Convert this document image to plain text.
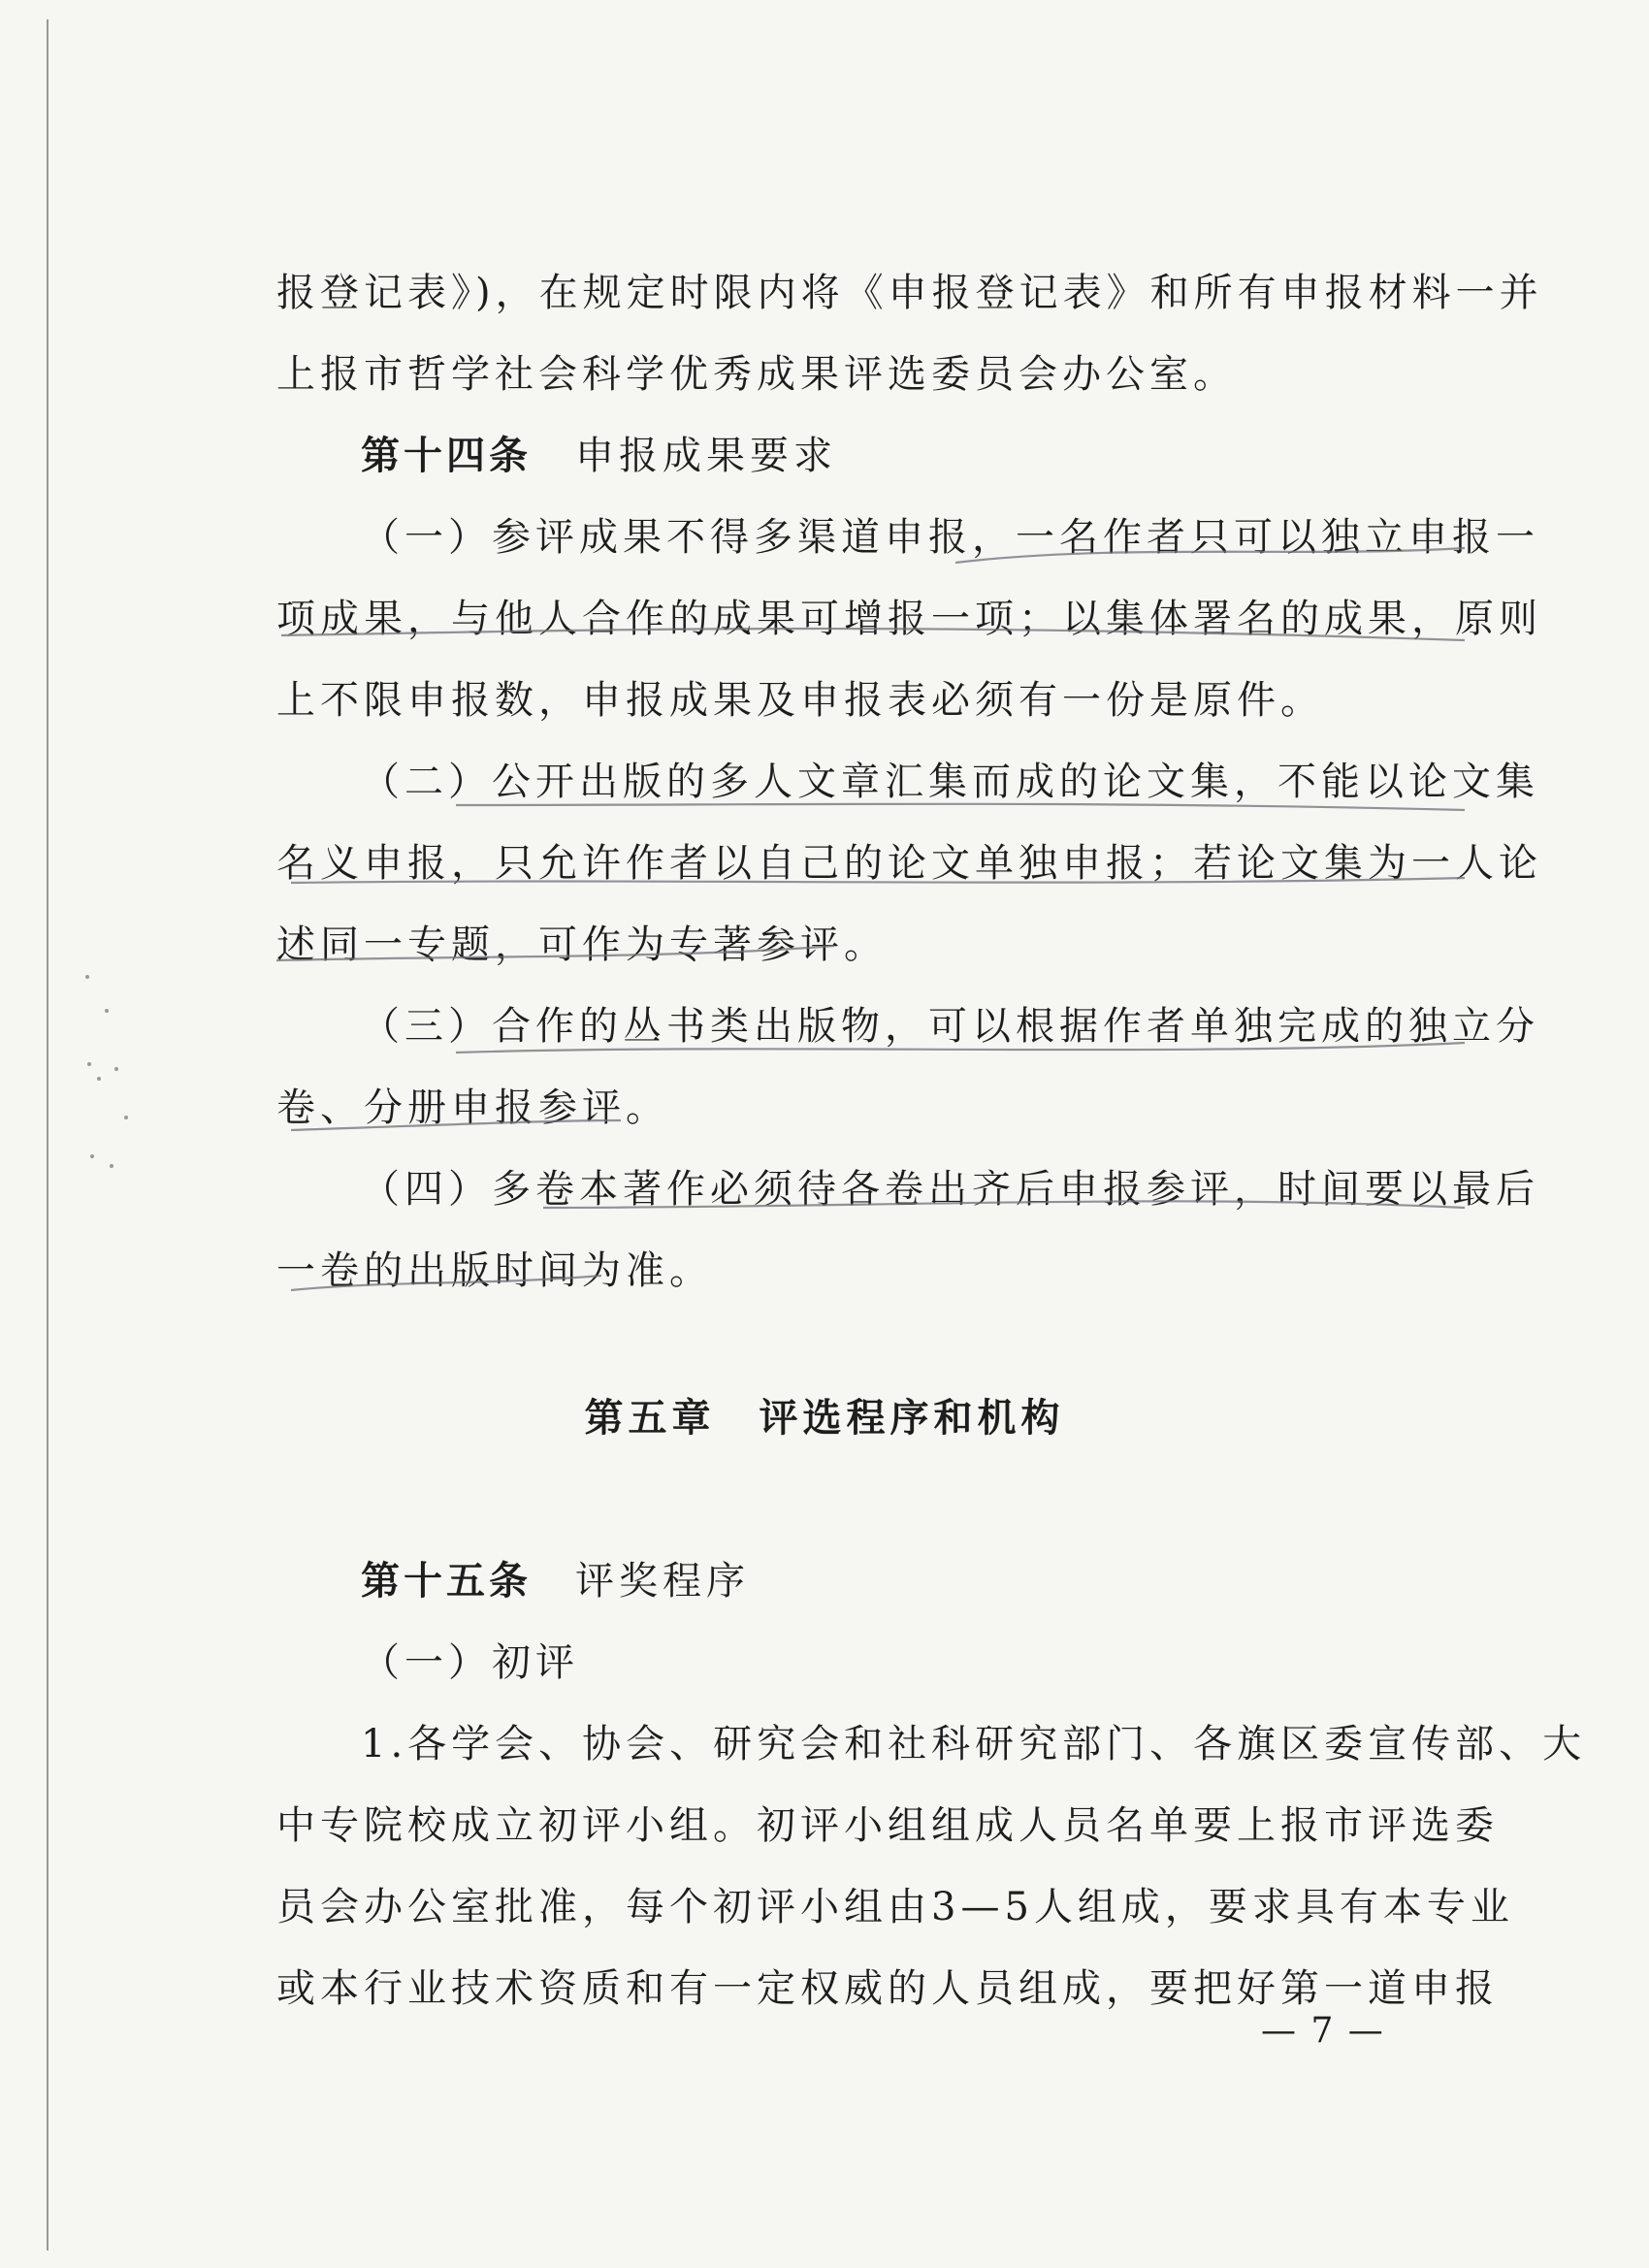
报登记表》)，在规定时限内将《申报登记表》和所有申报材料一并

上报市哲学社会科学优秀成果评选委员会办公室。

第十四条　 申报成果要求

（一）参评成果不得多渠道申报，一名作者只可以独立申报一

项成果，与他人合作的成果可增报一项；以集体署名的成果，原则

上不限申报数，申报成果及申报表必须有一份是原件。

（二）公开出版的多人文章汇集而成的论文集，不能以论文集

名义申报，只允许作者以自己的论文单独申报；若论文集为一人论

述同一专题，可作为专著参评。

（三）合作的丛书类出版物，可以根据作者单独完成的独立分

卷、分册申报参评。

（四）多卷本著作必须待各卷出齐后申报参评，时间要以最后

一卷的出版时间为准。

第五章　评选程序和机构

第十五条　 评奖程序

（一）初评

1.各学会、协会、研究会和社科研究部门、各旗区委宣传部、大

中专院校成立初评小组。初评小组组成人员名单要上报市评选委

员会办公室批准，每个初评小组由3—5人组成，要求具有本专业

或本行业技术资质和有一定权威的人员组成，要把好第一道申报

— 7 —
